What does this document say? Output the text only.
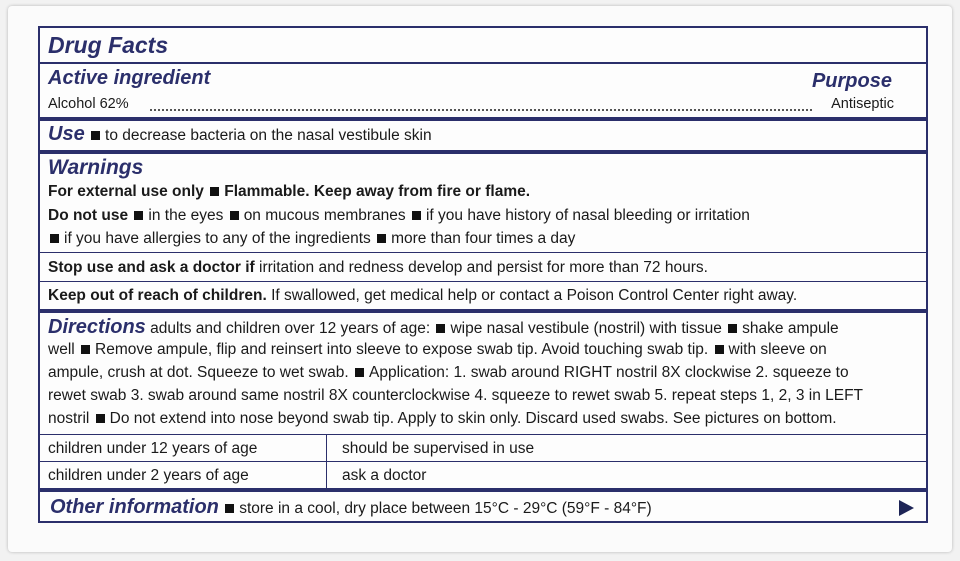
Drug Facts
Active ingredient	Purpose
Alcohol 62%	Antiseptic
Use to decrease bacteria on the nasal vestibule skin
Warnings
For external use only Flammable. Keep away from fire or flame.
Do not use in the eyes on mucous membranes if you have history of nasal bleeding or irritation
if you have allergies to any of the ingredients more than four times a day
Stop use and ask a doctor if irritation and redness develop and persist for more than 72 hours.
Keep out of reach of children. If swallowed, get medical help or contact a Poison Control Center right away.
Directions adults and children over 12 years of age: wipe nasal vestibule (nostril) with tissue shake ampule
well Remove ampule, flip and reinsert into sleeve to expose swab tip. Avoid touching swab tip. with sleeve on
ampule, crush at dot. Squeeze to wet swab. Application: 1. swab around RIGHT nostril 8X clockwise 2. squeeze to
rewet swab 3. swab around same nostril 8X counterclockwise 4. squeeze to rewet swab 5. repeat steps 1, 2, 3 in LEFT
nostril Do not extend into nose beyond swab tip. Apply to skin only. Discard used swabs. See pictures on bottom.
children under 12 years of age	should be supervised in use
children under 2 years of age	ask a doctor
Other information store in a cool, dry place between 15°C - 29°C (59°F - 84°F)
